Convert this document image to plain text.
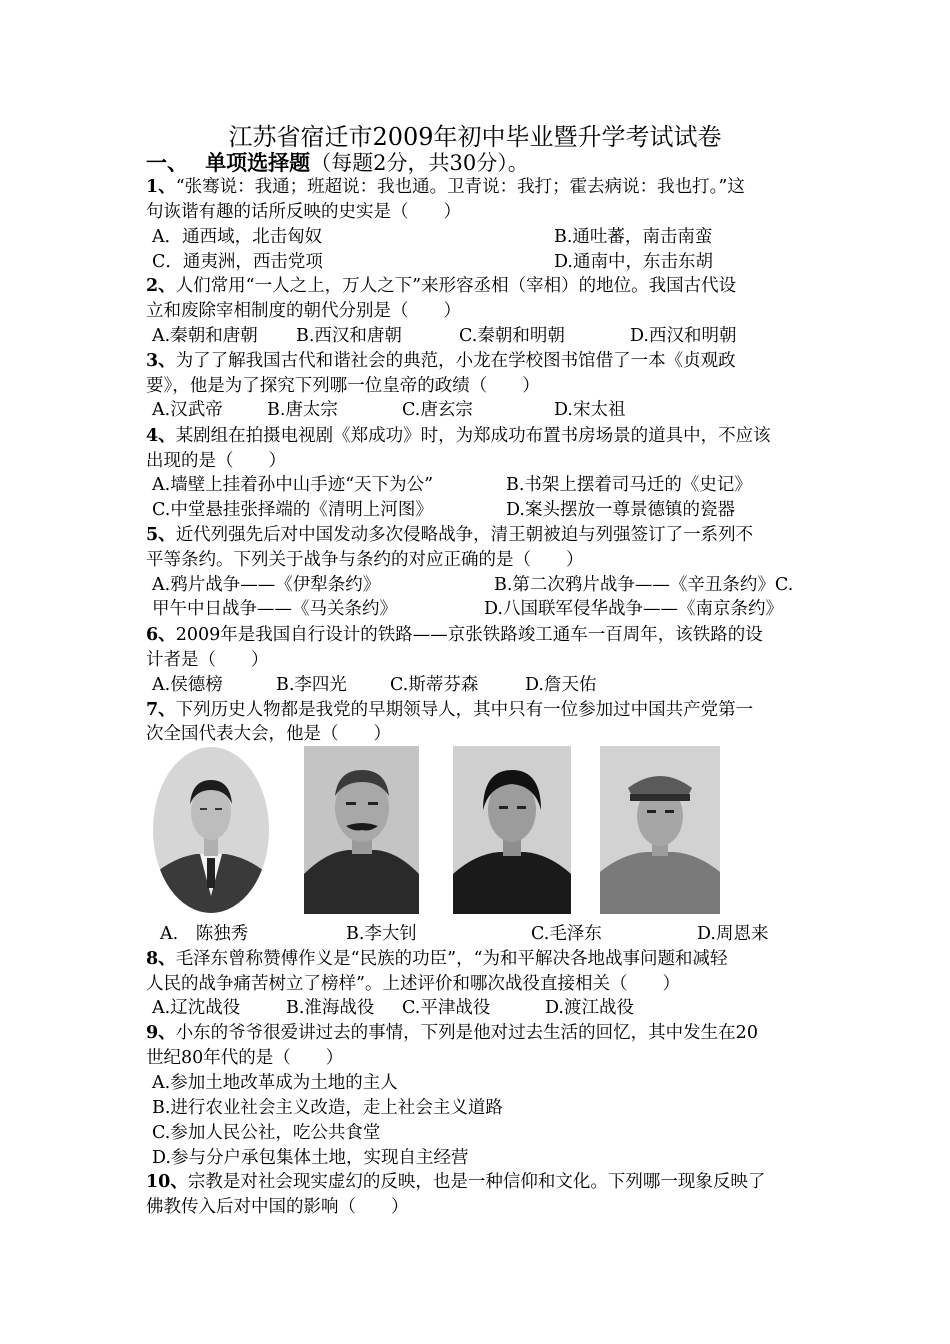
江苏省宿迁市2009年初中毕业暨升学考试试卷
一、　 单项选择题（每题2分，共30分）。
1、“张骞说：我通；班超说：我也通。卫青说：我打；霍去病说：我也打。”这
句诙谐有趣的话所反映的史实是（　　）
A．通西域，北击匈奴	B.通吐蕃，南击南蛮
C．通夷洲，西击党项	D.通南中，东击东胡
2、人们常用“一人之上，万人之下”来形容丞相（宰相）的地位。我国古代设
立和废除宰相制度的朝代分别是（　　）
A.秦朝和唐朝 B.西汉和唐朝	C.秦朝和明朝	D.西汉和明朝
3、为了了解我国古代和谐社会的典范，小龙在学校图书馆借了一本《贞观政
要》，他是为了探究下列哪一位皇帝的政绩（　　）
A.汉武帝	B.唐太宗	C.唐玄宗	D.宋太祖
4、某剧组在拍摄电视剧《郑成功》时，为郑成功布置书房场景的道具中，不应该
出现的是（　　）
A.墙壁上挂着孙中山手迹“天下为公”	B.书架上摆着司马迁的《史记》
C.中堂悬挂张择端的《清明上河图》	D.案头摆放一尊景德镇的瓷器
5、近代列强先后对中国发动多次侵略战争，清王朝被迫与列强签订了一系列不
平等条约。下列关于战争与条约的对应正确的是（　　）
A.鸦片战争——《伊犁条约》	B.第二次鸦片战争——《辛丑条约》C.
甲午中日战争——《马关条约》	D.八国联军侵华战争——《南京条约》
6、2009年是我国自行设计的铁路——京张铁路竣工通车一百周年，该铁路的设
计者是（　　）
A.侯德榜	B.李四光 C.斯蒂芬森	D.詹天佑
7、下列历史人物都是我党的早期领导人，其中只有一位参加过中国共产党第一
次全国代表大会，他是（　　）
A.　陈独秀	B.李大钊	C.毛泽东	D.周恩来
8、毛泽东曾称赞傅作义是“民族的功臣”，“为和平解决各地战事问题和减轻
人民的战争痛苦树立了榜样”。上述评价和哪次战役直接相关（　　）
A.辽沈战役	B.淮海战役 C.平津战役	D.渡江战役
9、小东的爷爷很爱讲过去的事情，下列是他对过去生活的回忆，其中发生在20
世纪80年代的是（　　）
A.参加土地改革成为土地的主人
B.进行农业社会主义改造，走上社会主义道路
C.参加人民公社，吃公共食堂
D.参与分户承包集体土地，实现自主经营
10、宗教是对社会现实虚幻的反映，也是一种信仰和文化。下列哪一现象反映了
佛教传入后对中国的影响（　　）
